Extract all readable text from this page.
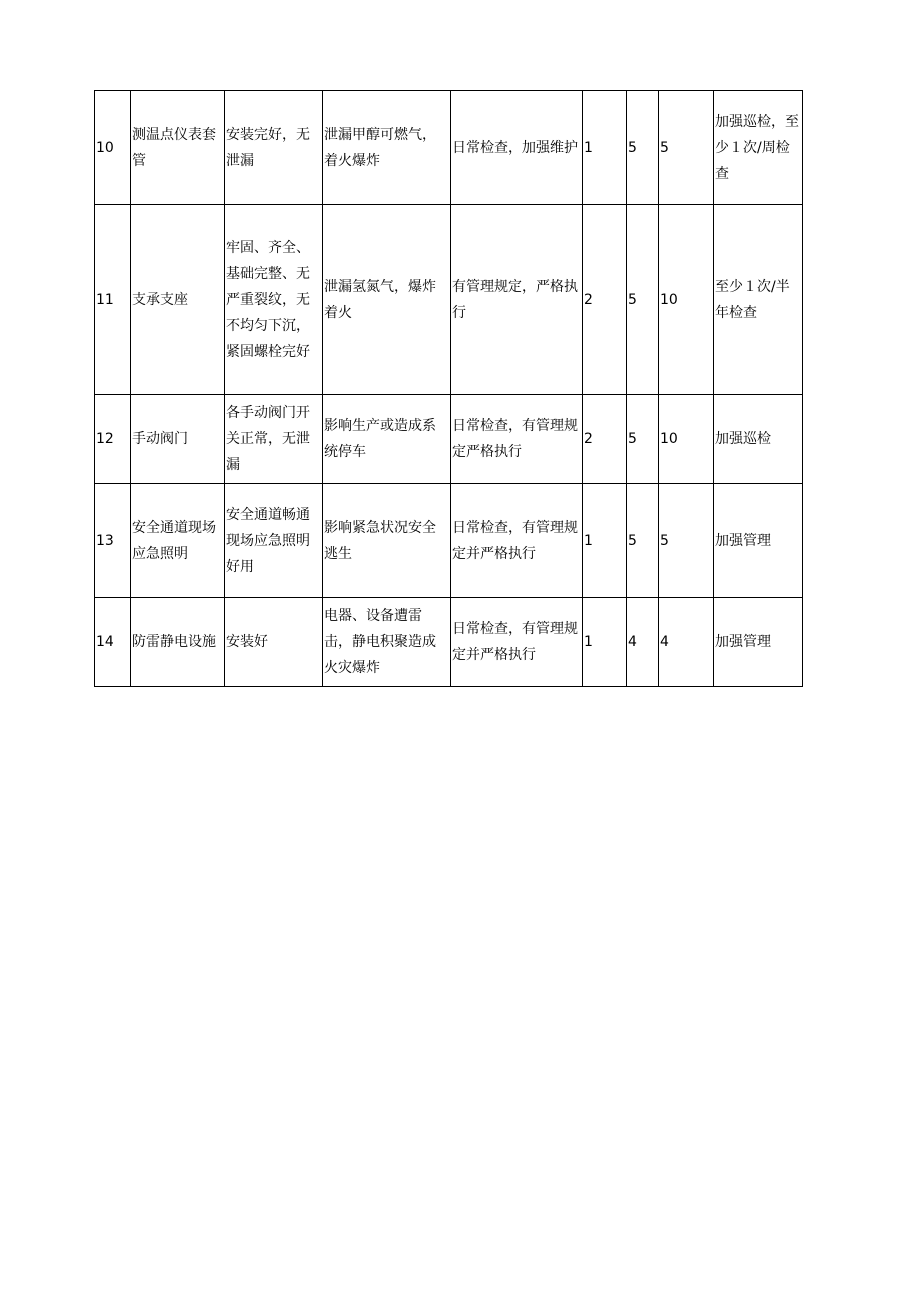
10	测温点仪表套管	安装完好，无泄漏	泄漏甲醇可燃气，着火爆炸	日常检查，加强维护	1	5	5	加强巡检，至少１次/周检查
11	支承支座	牢固、齐全、基础完整、无严重裂纹，无不均匀下沉，紧固螺栓完好	泄漏氢氮气，爆炸着火	有管理规定，严格执行	2	5	10	至少１次/半年检查
12	手动阀门	各手动阀门开关正常，无泄漏	影响生产或造成系统停车	日常检查，有管理规定严格执行	2	5	10	加强巡检
13	安全通道现场应急照明	安全通道畅通现场应急照明好用	影响紧急状况安全逃生	日常检查，有管理规定并严格执行	1	5	5	加强管理
14	防雷静电设施	安装好	电器、设备遭雷击，静电积聚造成火灾爆炸	日常检查，有管理规定并严格执行	1	4	4	加强管理
